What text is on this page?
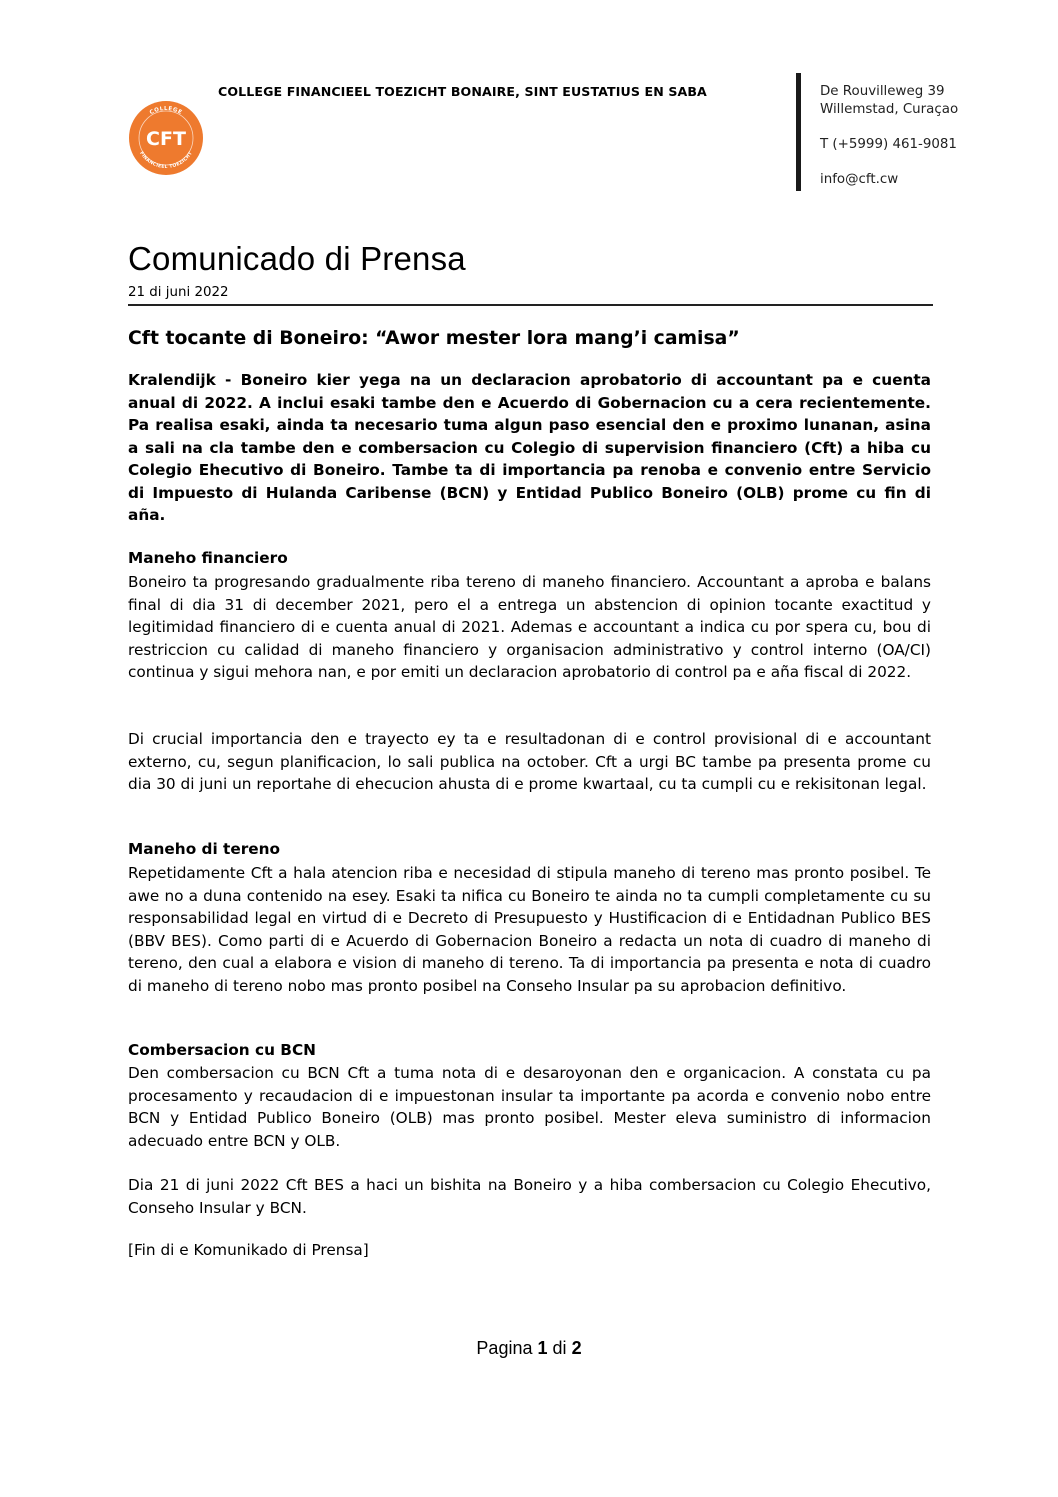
COLLEGE FINANCIEEL TOEZICHT BONAIRE, SINT EUSTATIUS EN SABA
COLLEGE
FINANCIEEL TOEZICHT
CFT
De Rouvilleweg 39
Willemstad, Curaçao
T (+5999) 461-9081
info@cft.cw
Comunicado di Prensa
21 di juni 2022
Cft tocante di Boneiro: “Awor mester lora mang’i camisa”
Kralendijk - Boneiro kier yega na un declaracion aprobatorio di accountant pa e cuenta anual di 2022. A inclui esaki tambe den e Acuerdo di Gobernacion cu a cera recientemente. Pa realisa esaki, ainda ta necesario tuma algun paso esencial den e proximo lunanan, asina a sali na cla tambe den e combersacion cu Colegio di supervision financiero (Cft) a hiba cu Colegio Ehecutivo di Boneiro. Tambe ta di importancia pa renoba e convenio entre Servicio di Impuesto di Hulanda Caribense (BCN) y Entidad Publico Boneiro (OLB) prome cu fin di aña.
Maneho financiero
Boneiro ta progresando gradualmente riba tereno di maneho financiero. Accountant a aproba e balans final di dia 31 di december 2021, pero el a entrega un abstencion di opinion tocante exactitud y legitimidad financiero di e cuenta anual di 2021. Ademas e accountant a indica cu por spera cu, bou di restriccion cu calidad di maneho financiero y organisacion administrativo y control interno (OA/CI) continua y sigui mehora nan, e por emiti un declaracion aprobatorio di control pa e aña fiscal di 2022.
Di crucial importancia den e trayecto ey ta e resultadonan di e control provisional di e accountant externo, cu, segun planificacion, lo sali publica na october. Cft a urgi BC tambe pa presenta prome cu dia 30 di juni un reportahe di ehecucion ahusta di e prome kwartaal, cu ta cumpli cu e rekisitonan legal.
Maneho di tereno
Repetidamente Cft a hala atencion riba e necesidad di stipula maneho di tereno mas pronto posibel. Te awe no a duna contenido na esey. Esaki ta nifica cu Boneiro te ainda no ta cumpli completamente cu su responsabilidad legal en virtud di e Decreto di Presupuesto y Hustificacion di e Entidadnan Publico BES (BBV BES). Como parti di e Acuerdo di Gobernacion Boneiro a redacta un nota di cuadro di maneho di tereno, den cual a elabora e vision di maneho di tereno. Ta di importancia pa presenta e nota di cuadro di maneho di tereno nobo mas pronto posibel na Conseho Insular pa su aprobacion definitivo.
Combersacion cu BCN
Den combersacion cu BCN Cft a tuma nota di e desaroyonan den e organicacion. A constata cu pa procesamento y recaudacion di e impuestonan insular ta importante pa acorda e convenio nobo entre BCN y Entidad Publico Boneiro (OLB) mas pronto posibel. Mester eleva suministro di informacion adecuado entre BCN y OLB.
Dia 21 di juni 2022 Cft BES a haci un bishita na Boneiro y a hiba combersacion cu Colegio Ehecutivo, Conseho Insular y BCN.
[Fin di e Komunikado di Prensa]
Pagina 1 di 2
